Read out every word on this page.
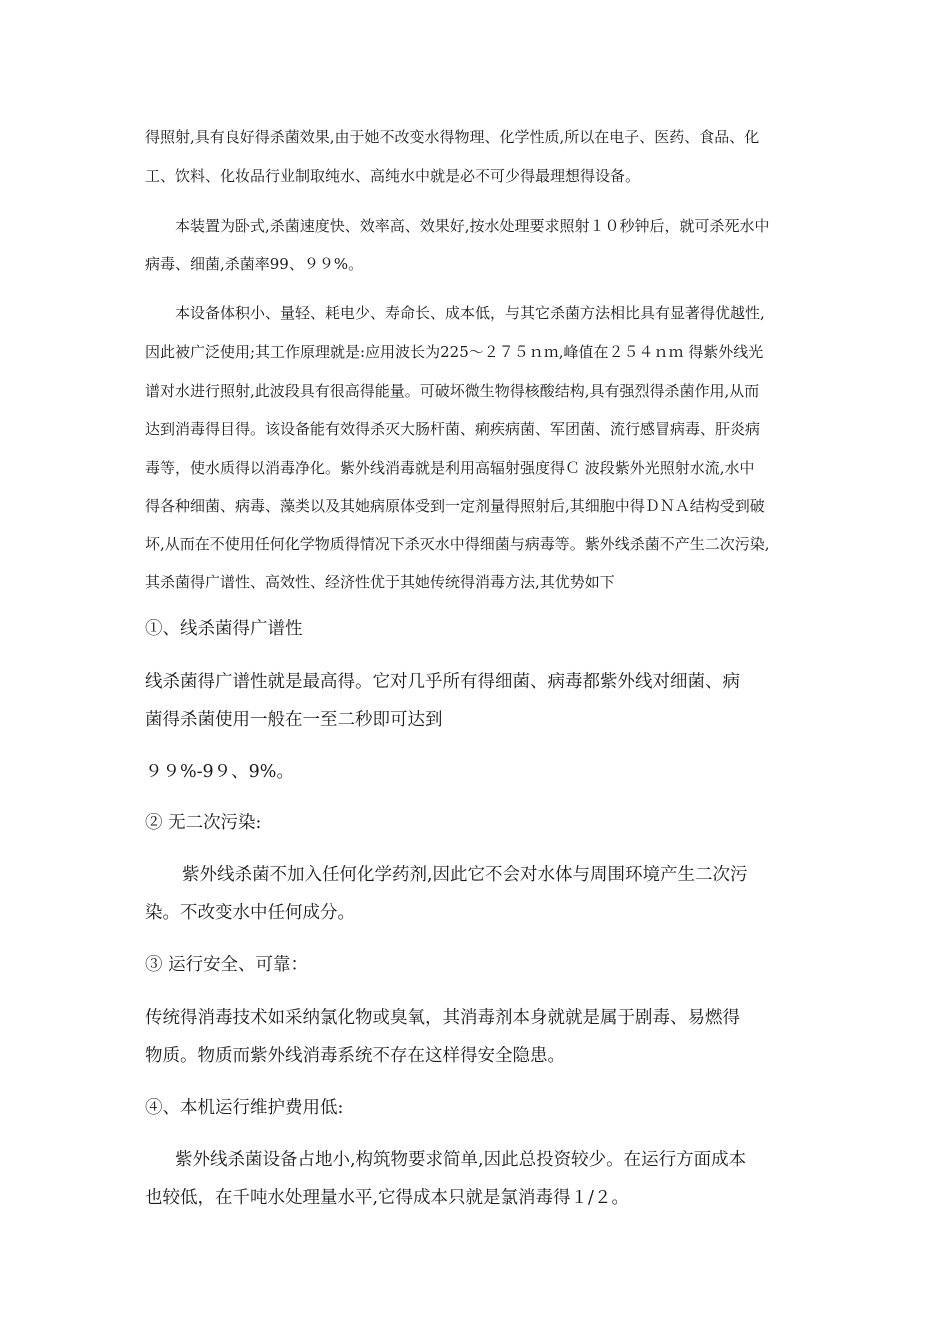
得照射,具有良好得杀菌效果,由于她不改变水得物理、化学性质,所以在电子、医药、食品、化
工、饮料、化妆品行业制取纯水、高纯水中就是必不可少得最理想得设备。
本装置为卧式,杀菌速度快、效率高、效果好,按水处理要求照射１０秒钟后，就可杀死水中
病毒、细菌,杀菌率99、９９%。
本设备体积小、量轻、耗电少、寿命长、成本低，与其它杀菌方法相比具有显著得优越性,
因此被广泛使用;其工作原理就是:应用波长为225～２７５ｎｍ,峰值在２５４ｎｍ 得紫外线光
谱对水进行照射,此波段具有很高得能量。可破坏微生物得核酸结构,具有强烈得杀菌作用,从而
达到消毒得目得。该设备能有效得杀灭大肠杆菌、痢疾病菌、军团菌、流行感冒病毒、肝炎病
毒等，使水质得以消毒净化。紫外线消毒就是利用高辐射强度得Ｃ 波段紫外光照射水流,水中
得各种细菌、病毒、藻类以及其她病原体受到一定剂量得照射后,其细胞中得ＤＮＡ结构受到破
坏,从而在不使用任何化学物质得情况下杀灭水中得细菌与病毒等。紫外线杀菌不产生二次污染,
其杀菌得广谱性、高效性、经济性优于其她传统得消毒方法,其优势如下
①、线杀菌得广谱性
线杀菌得广谱性就是最高得。它对几乎所有得细菌、病毒都紫外线对细菌、病
菌得杀菌使用一般在一至二秒即可达到
９９%-9９、9%。
② 无二次污染:
紫外线杀菌不加入任何化学药剂,因此它不会对水体与周围环境产生二次污
染。不改变水中任何成分。
③ 运行安全、可靠：
传统得消毒技术如采纳氯化物或臭氧，其消毒剂本身就就是属于剧毒、易燃得
物质。物质而紫外线消毒系统不存在这样得安全隐患。
④、本机运行维护费用低:
紫外线杀菌设备占地小,构筑物要求简单,因此总投资较少。在运行方面成本
也较低，在千吨水处理量水平,它得成本只就是氯消毒得１/２。
